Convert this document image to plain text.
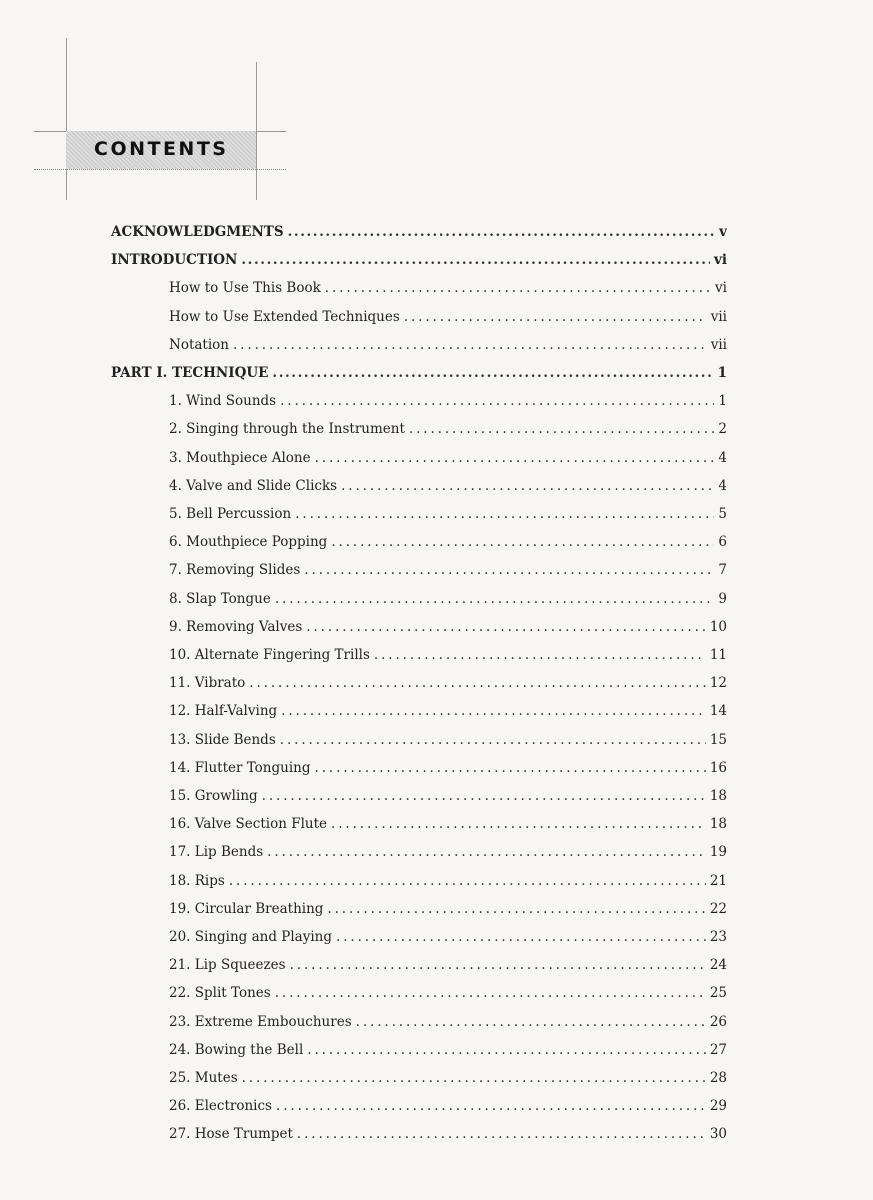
CONTENTS
ACKNOWLEDGMENTS .....	v
INTRODUCTION .....	vi
How to Use This Book .....	vi
How to Use Extended Techniques .....	vii
Notation .....	vii
PART I. TECHNIQUE .....	1
1. Wind Sounds .....	1
2. Singing through the Instrument .....	2
3. Mouthpiece Alone .....	4
4. Valve and Slide Clicks .....	4
5. Bell Percussion .....	5
6. Mouthpiece Popping .....	6
7. Removing Slides .....	7
8. Slap Tongue .....	9
9. Removing Valves .....	10
10. Alternate Fingering Trills .....	11
11. Vibrato .....	12
12. Half-Valving .....	14
13. Slide Bends .....	15
14. Flutter Tonguing .....	16
15. Growling .....	18
16. Valve Section Flute .....	18
17. Lip Bends .....	19
18. Rips .....	21
19. Circular Breathing .....	22
20. Singing and Playing .....	23
21. Lip Squeezes .....	24
22. Split Tones .....	25
23. Extreme Embouchures .....	26
24. Bowing the Bell .....	27
25. Mutes .....	28
26. Electronics .....	29
27. Hose Trumpet .....	30
